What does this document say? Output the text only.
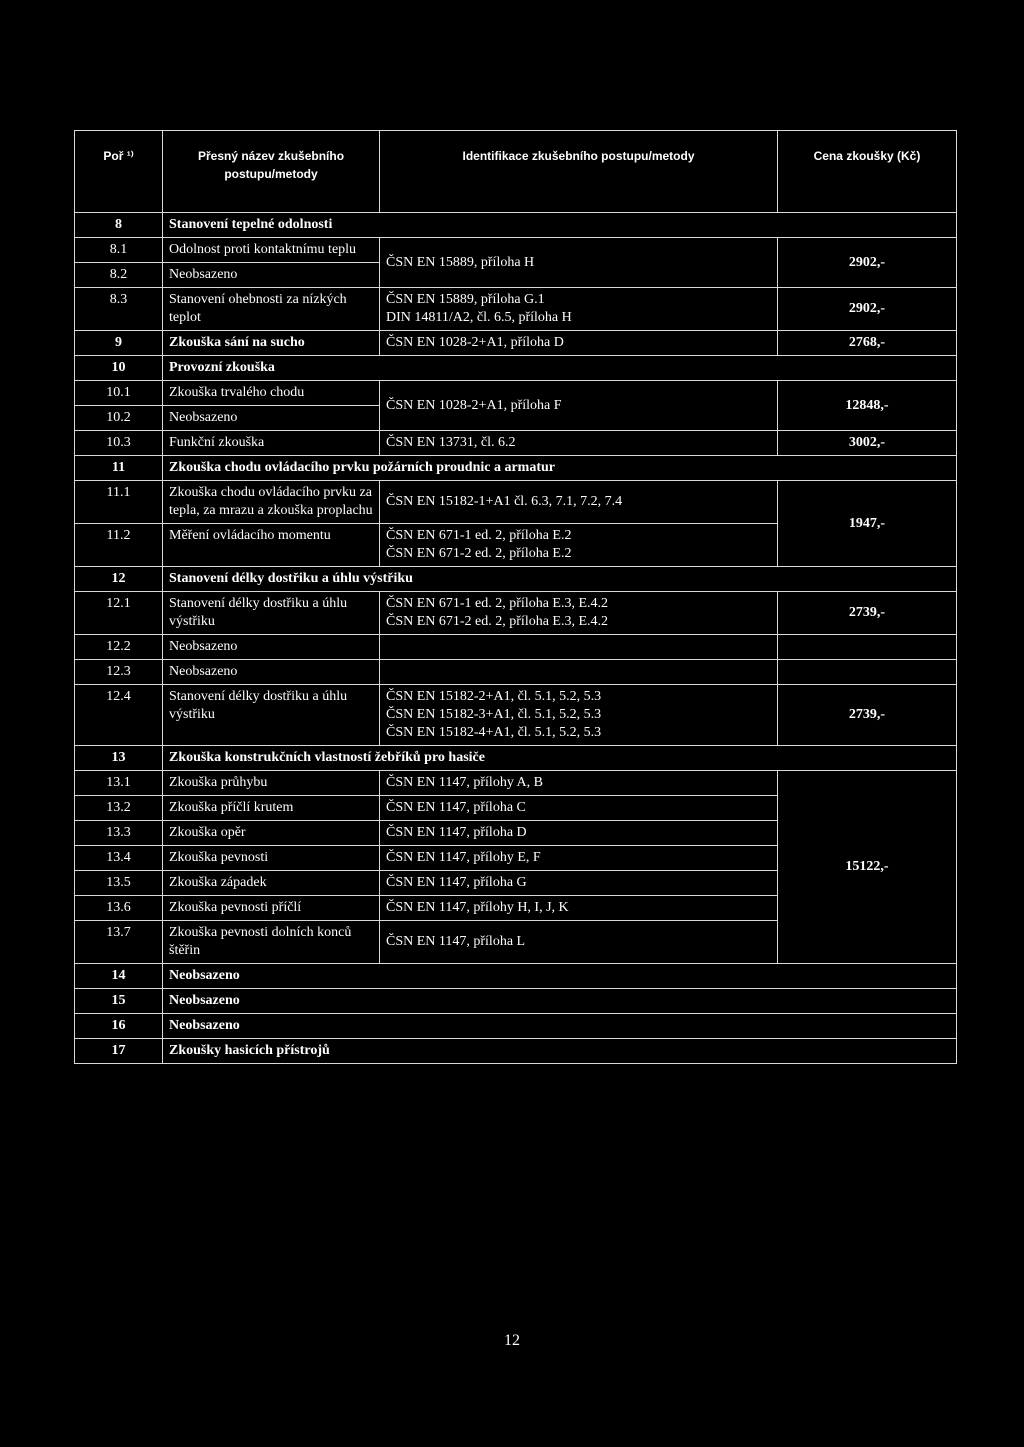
Poř ¹⁾	Přesný název zkušebního postupu/metody	Identifikace zkušebního postupu/metody	Cena zkoušky (Kč)
8	Stanovení tepelné odolnosti		
8.1	Odolnost proti kontaktnímu teplu	ČSN EN 15889, příloha H	2902,-
8.2	Neobsazeno		
8.3	Stanovení ohebnosti za nízkých teplot	ČSN EN 15889, příloha G.1
DIN 14811/A2, čl. 6.5, příloha H	2902,-
9	Zkouška sání na sucho	ČSN EN 1028-2+A1, příloha D	2768,-
10	Provozní zkouška		
10.1	Zkouška trvalého chodu	ČSN EN 1028-2+A1, příloha F	12848,-
10.2	Neobsazeno		
10.3	Funkční zkouška	ČSN EN 13731, čl. 6.2	3002,-
11	Zkouška chodu ovládacího prvku požárních proudnic a armatur		
11.1	Zkouška chodu ovládacího prvku za tepla, za mrazu a zkouška proplachu	ČSN EN 15182-1+A1 čl. 6.3, 7.1, 7.2, 7.4	1947,-
11.2	Měření ovládacího momentu	ČSN EN 671-1 ed. 2, příloha E.2
ČSN EN 671-2 ed. 2, příloha E.2	

12	Stanovení délky dostřiku a úhlu výstřiku		
12.1	Stanovení délky dostřiku a úhlu výstřiku	ČSN EN 671-1 ed. 2, příloha E.3, E.4.2
ČSN EN 671-2 ed. 2, příloha E.3, E.4.2	2739,-
12.2	Neobsazeno		
12.3	Neobsazeno		
12.4	Stanovení délky dostřiku a úhlu výstřiku	ČSN EN 15182-2+A1, čl. 5.1, 5.2, 5.3
ČSN EN 15182-3+A1, čl. 5.1, 5.2, 5.3
ČSN EN 15182-4+A1, čl. 5.1, 5.2, 5.3	2739,-
13	Zkouška konstrukčních vlastností žebříků pro hasiče		
13.1	Zkouška průhybu	ČSN EN 1147, přílohy A, B	15122,-
13.2	Zkouška příčlí krutem	ČSN EN 1147, příloha C	
13.3	Zkouška opěr	ČSN EN 1147, příloha D	
13.4	Zkouška pevnosti	ČSN EN 1147, přílohy E, F	
13.5	Zkouška západek	ČSN EN 1147, příloha G	
13.6	Zkouška pevnosti příčlí	ČSN EN 1147, přílohy H, I, J, K	
13.7	Zkouška pevnosti dolních konců štěřin	ČSN EN 1147, příloha L	
14	Neobsazeno		
15	Neobsazeno		
16	Neobsazeno		
17	Zkoušky hasicích přístrojů		
12
